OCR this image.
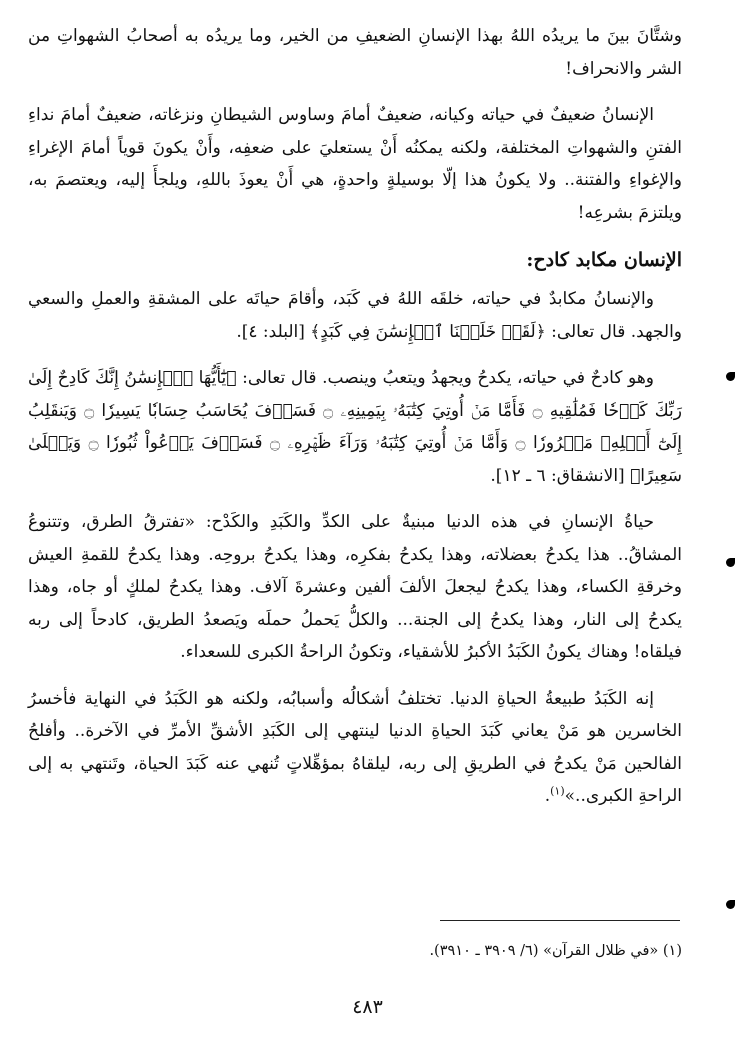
وشتَّانَ بينَ ما يريدُه اللهُ بهذا الإنسانِ الضعيفِ من الخير، وما يريدُه به أصحابُ الشهواتِ من الشر والانحراف!

الإنسانُ ضعيفٌ في حياته وكيانه، ضعيفٌ أمامَ وساوس الشيطانِ ونزغاته، ضعيفٌ أمامَ نداءِ الفتنِ والشهواتِ المختلفة، ولكنه يمكنُه أَنْ يستعليَ على ضعفِه، وأَنْ يكونَ قوياً أمامَ الإغراءِ والإغواءِ والفتنة.. ولا يكونُ هذا إلّا بوسيلةٍ واحدةٍ، هي أَنْ يعوذَ باللهِ، ويلجأَ إليه، ويعتصمَ به، ويلتزمَ بشرعِه!

الإنسان مكابد كادح:

والإنسانُ مكابدٌ في حياته، خلقَه اللهُ في كَبَد، وأقامَ حياتَه على المشقةِ والعملِ والسعي والجهد. قال تعالى: ﴿لَقَدۡ خَلَقۡنَا ٱلۡإِنسَٰنَ فِي كَبَدٍ﴾ [البلد: ٤].

وهو كادحٌ في حياته، يكدحُ ويجهدُ ويتعبُ وينصب. قال تعالى: ﴿يَٰٓأَيُّهَا ٱلۡإِنسَٰنُ إِنَّكَ كَادِحٌ إِلَىٰ رَبِّكَ كَدۡحٗا فَمُلَٰقِيهِ ۝ فَأَمَّا مَنۡ أُوتِيَ كِتَٰبَهُۥ بِيَمِينِهِۦ ۝ فَسَوۡفَ يُحَاسَبُ حِسَابٗا يَسِيرٗا ۝ وَيَنقَلِبُ إِلَىٰٓ أَهۡلِهِۦ مَسۡرُورٗا ۝ وَأَمَّا مَنۡ أُوتِيَ كِتَٰبَهُۥ وَرَآءَ ظَهۡرِهِۦ ۝ فَسَوۡفَ يَدۡعُواْ ثُبُورٗا ۝ وَيَصۡلَىٰ سَعِيرًا﴾ [الانشقاق: ٦ ـ ١٢].

حياةُ الإنسانِ في هذه الدنيا مبنيةٌ على الكدِّ والكَبَدِ والكَدْح: «تفترقُ الطرق، وتتنوعُ المشاقُ.. هذا يكدحُ بعضلاته، وهذا يكدحُ بفكرِه، وهذا يكدحُ بروحِه. وهذا يكدحُ للقمةِ العيش وخرقةِ الكساء، وهذا يكدحُ ليجعلَ الألفَ ألفين وعشرةَ آلاف. وهذا يكدحُ لملكٍ أو جاه، وهذا يكدحُ إلى النار، وهذا يكدحُ إلى الجنة... والكلُّ يَحملُ حملَه ويَصعدُ الطريق، كادحاً إلى ربه فيلقاه! وهناك يكونُ الكَبَدُ الأكبرُ للأشقياء، وتكونُ الراحةُ الكبرى للسعداء.

إنه الكَبَدُ طبيعةُ الحياةِ الدنيا. تختلفُ أشكالُه وأسبابُه، ولكنه هو الكَبَدُ في النهاية فأخسرُ الخاسرين هو مَنْ يعاني كَبَدَ الحياةِ الدنيا لينتهي إلى الكَبَدِ الأشقِّ الأمرِّ في الآخرة.. وأفلحُ الفالحين مَنْ يكدحُ في الطريقِ إلى ربه، ليلقاهُ بمؤهِّلاتٍ تُنهي عنه كَبَدَ الحياة، وتَنتهي به إلى الراحةِ الكبرى..»$^{(١)}$.

(١) «في ظلال القرآن» (٦/ ٣٩٠٩ ـ ٣٩١٠).
٤٨٣
